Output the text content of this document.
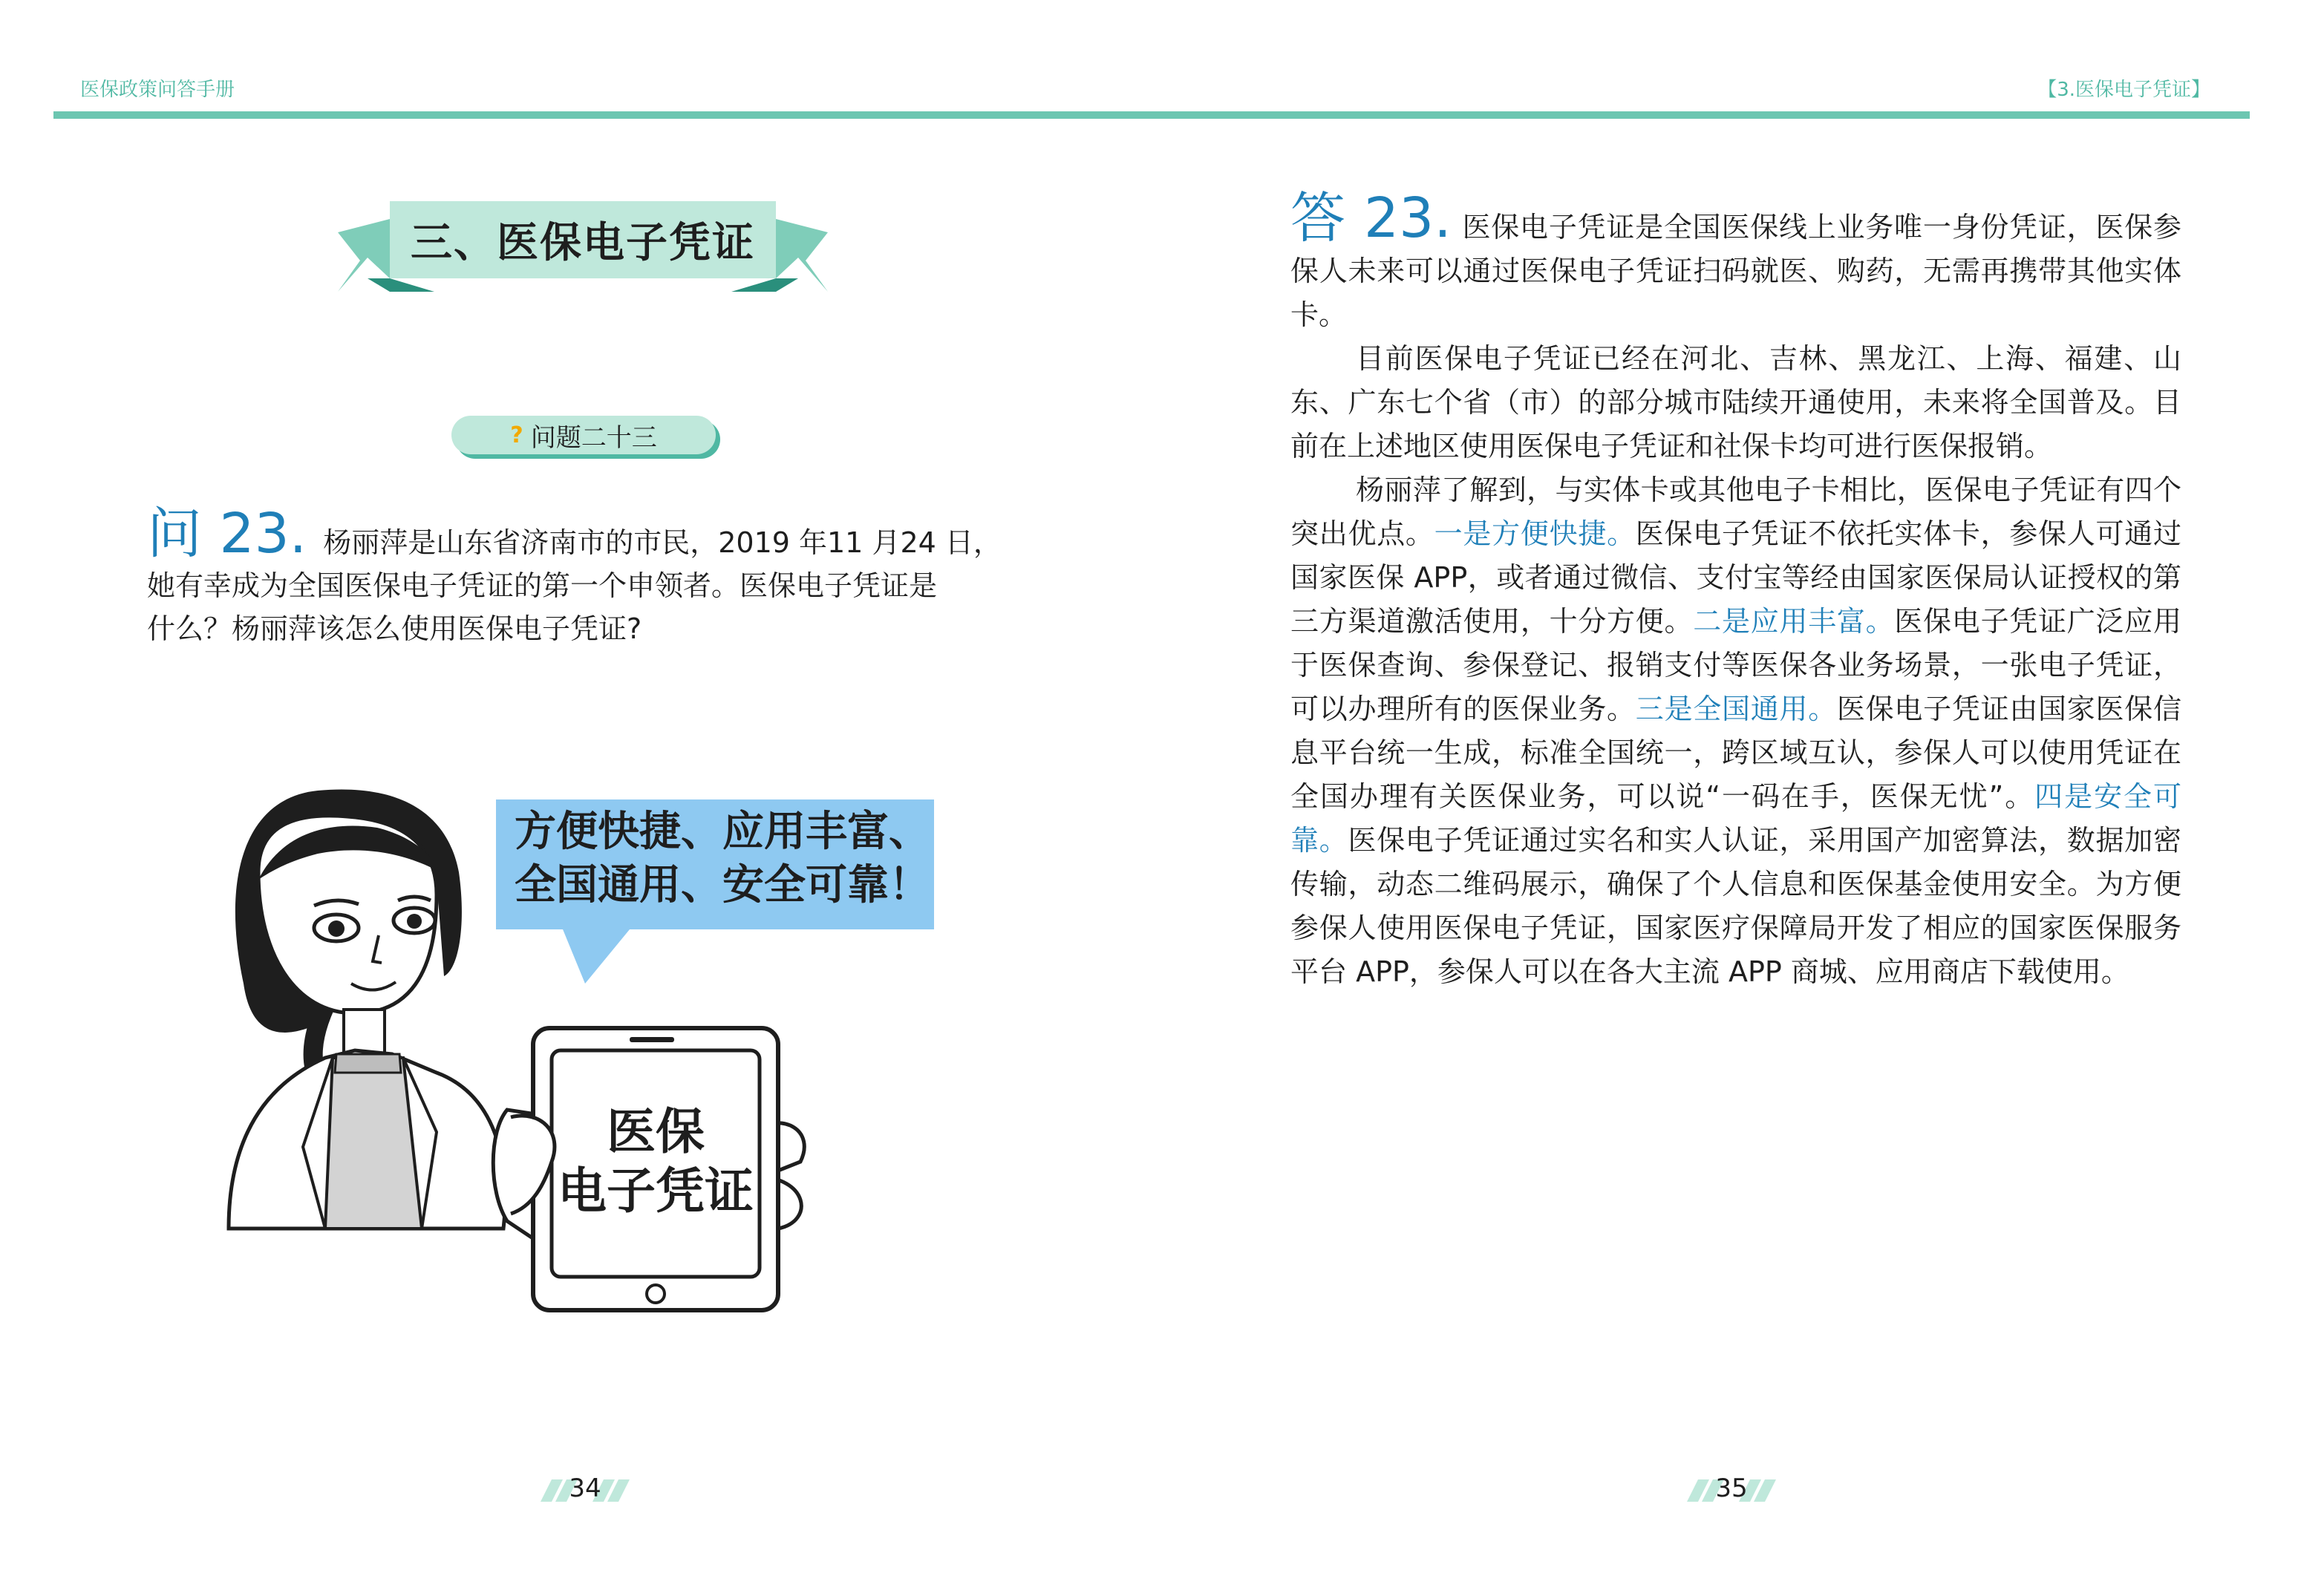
医保政策问答手册	【3.医保电子凭证】
三、医保电子凭证
? 问题二十三
问 23. 杨丽萍是山东省济南市的市民，2019 年11 月24 日，
她有幸成为全国医保电子凭证的第一个申领者。医保电子凭证是
什么？杨丽萍该怎么使用医保电子凭证?
方便快捷、应用丰富、
全国通用、安全可靠！
医保
电子凭证

答 23. 医保电子凭证是全国医保线上业务唯一身份凭证，医保参保人未来可以通过医保电子凭证扫码就医、购药，无需再携带其他实体卡。

目前医保电子凭证已经在河北、吉林、黑龙江、上海、福建、山东、广东七个省（市）的部分城市陆续开通使用，未来将全国普及。目前在上述地区使用医保电子凭证和社保卡均可进行医保报销。

杨丽萍了解到，与实体卡或其他电子卡相比，医保电子凭证有四个突出优点。一是方便快捷。医保电子凭证不依托实体卡，参保人可通过国家医保 APP，或者通过微信、支付宝等经由国家医保局认证授权的第三方渠道激活使用，十分方便。二是应用丰富。医保电子凭证广泛应用于医保查询、参保登记、报销支付等医保各业务场景，一张电子凭证，可以办理所有的医保业务。三是全国通用。医保电子凭证由国家医保信息平台统一生成，标准全国统一，跨区域互认，参保人可以使用凭证在全国办理有关医保业务，可以说“一码在手，医保无忧”。四是安全可靠。医保电子凭证通过实名和实人认证，采用国产加密算法，数据加密传输，动态二维码展示，确保了个人信息和医保基金使用安全。为方便参保人使用医保电子凭证，国家医疗保障局开发了相应的国家医保服务平台 APP，参保人可以在各大主流 APP 商城、应用商店下载使用。

34	35
